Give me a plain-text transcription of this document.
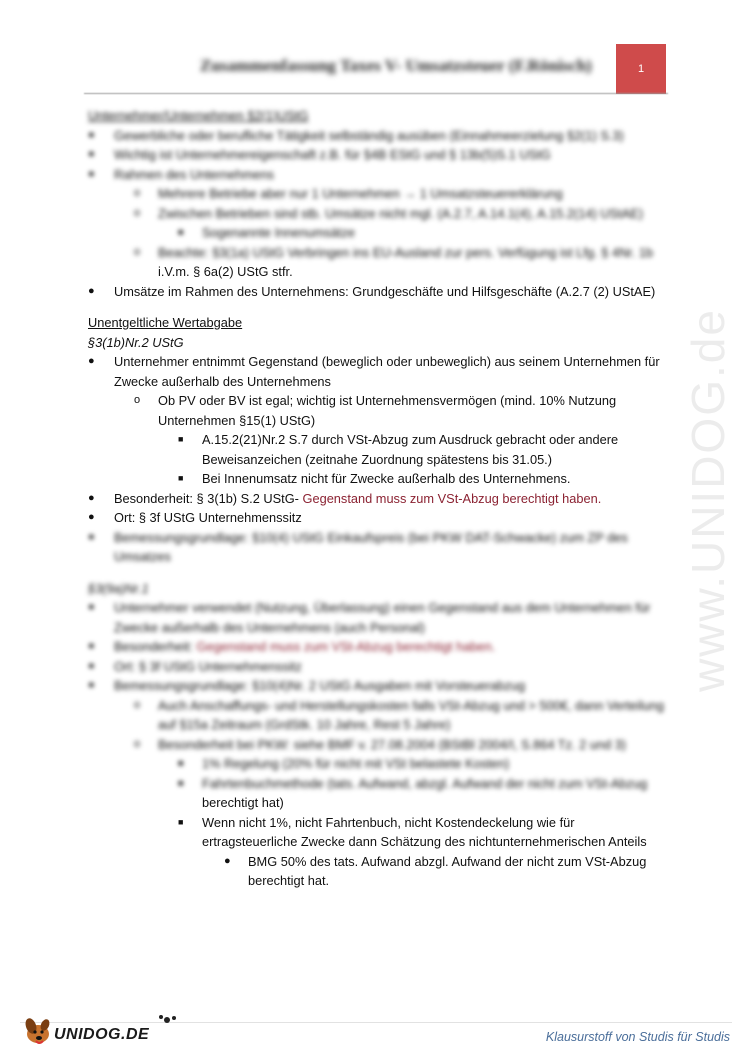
Zusammenfassung Taxes V- Umsatzsteuer (F.Rönisch)	1
www.UNIDOG.de
Unternehmer/Unternehmen §2(1)UStG
● Gewerbliche oder berufliche Tätigkeit selbständig ausüben (Einnahmeerzielung §2(1) S.3)
● Wichtig ist Unternehmereigenschaft z.B. für §4B EStG und § 13b(5)S.1 UStG
● Rahmen des Unternehmens
o Mehrere Betriebe aber nur 1 Unternehmen → 1 Umsatzsteuererklärung
o Zwischen Betrieben sind stb. Umsätze nicht mgl. (A.2.7, A.14.1(4), A.15.2(14) UStAE)
■ Sogenannte Innenumsätze
o Beachte: §3(1a) UStG Verbringen ins EU-Ausland zur pers. Verfügung ist Lfg. § 4Nr. 1b
i.V.m. § 6a(2) UStG stfr.
● Umsätze im Rahmen des Unternehmens: Grundgeschäfte und Hilfsgeschäfte (A.2.7 (2) UStAE)
Unentgeltliche Wertabgabe
§3(1b)Nr.2 UStG
● Unternehmer entnimmt Gegenstand (beweglich oder unbeweglich) aus seinem Unternehmen für Zwecke außerhalb des Unternehmens
o Ob PV oder BV ist egal; wichtig ist Unternehmensvermögen (mind. 10% Nutzung Unternehmen §15(1) UStG)
■ A.15.2(21)Nr.2 S.7 durch VSt-Abzug zum Ausdruck gebracht oder andere Beweisanzeichen (zeitnahe Zuordnung spätestens bis 31.05.)
■ Bei Innenumsatz nicht für Zwecke außerhalb des Unternehmens.
● Besonderheit: § 3(1b) S.2 UStG- Gegenstand muss zum VSt-Abzug berechtigt haben.
● Ort: § 3f UStG Unternehmenssitz
● Bemessungsgrundlage: §10(4) UStG Einkaufspreis (bei PKW DAT-Schwacke) zum ZP des Umsatzes
§3(9a)Nr.1
● Unternehmer verwendet (Nutzung, Überlassung) einen Gegenstand aus dem Unternehmen für Zwecke außerhalb des Unternehmens (auch Personal)
● Besonderheit: Gegenstand muss zum VSt-Abzug berechtigt haben.
● Ort: § 3f UStG Unternehmenssitz
● Bemessungsgrundlage: §10(4)Nr. 2 UStG Ausgaben mit Vorsteuerabzug
o Auch Anschaffungs- und Herstellungskosten falls VSt-Abzug und > 500€, dann Verteilung auf §15a Zeitraum (GrdStk. 10 Jahre, Rest 5 Jahre)
o Besonderheit bei PKW: siehe BMF v. 27.08.2004 (BStBl 2004/I, S.864 Tz. 2 und 3)
■ 1% Regelung (20% für nicht mit VSt belastete Kosten)
■ Fahrtenbuchmethode (tats. Aufwand, abzgl. Aufwand der nicht zum VSt-Abzug
berechtigt hat)
■ Wenn nicht 1%, nicht Fahrtenbuch, nicht Kostendeckelung wie für ertragsteuerliche Zwecke dann Schätzung des nichtunternehmerischen Anteils
● BMG 50% des tats. Aufwand abzgl. Aufwand der nicht zum VSt-Abzug berechtigt hat.
UNIDOG.DE	Klausurstoff von Studis für Studis
